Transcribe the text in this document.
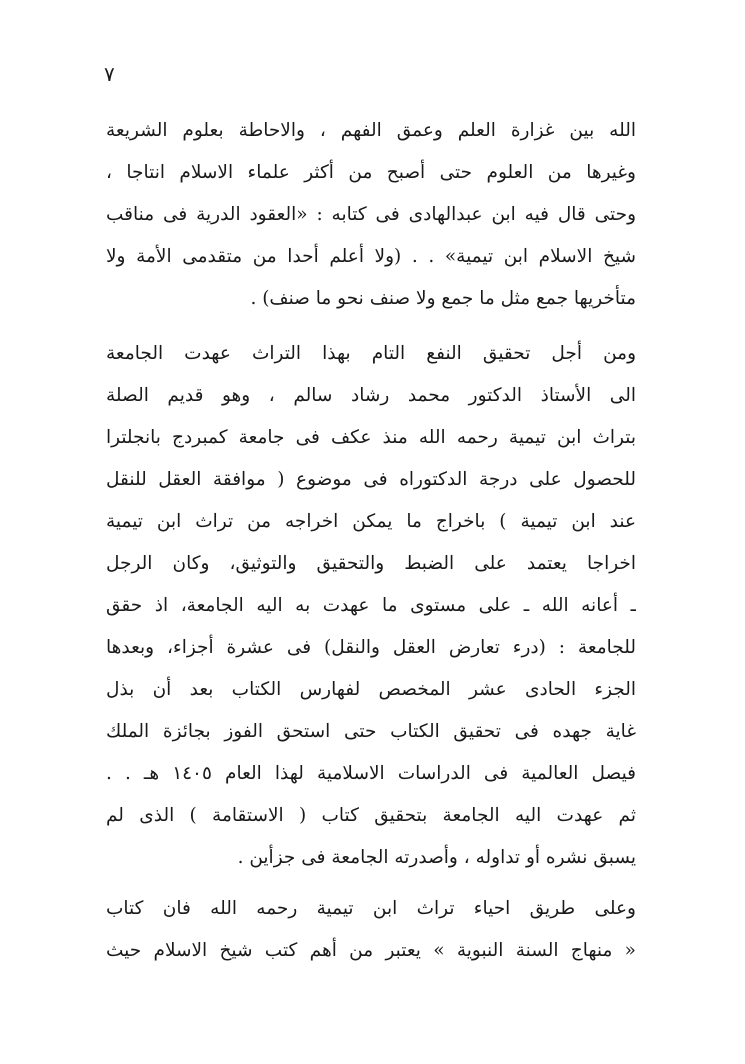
٧
الله بين غزارة العلم وعمق الفهم ، والاحاطة بعلوم الشريعة
وغيرها من العلوم حتى أصبح من أكثر علماء الاسلام انتاجا ،
وحتى قال فيه ابن عبدالهادى فى كتابه : «العقود الدرية فى مناقب
شيخ الاسلام ابن تيمية» . . (ولا أعلم أحدا من متقدمى الأمة ولا
متأخريها جمع مثل ما جمع ولا صنف نحو ما صنف) .
ومن أجل تحقيق النفع التام بهذا التراث عهدت الجامعة
الى الأستاذ الدكتور محمد رشاد سالم ، وهو قديم الصلة
بتراث ابن تيمية رحمه الله منذ عكف فى جامعة كمبردج بانجلترا
للحصول على درجة الدكتوراه فى موضوع ( موافقة العقل للنقل
عند ابن تيمية ) باخراج ما يمكن اخراجه من تراث ابن تيمية
اخراجا يعتمد على الضبط والتحقيق والتوثيق، وكان الرجل
ـ أعانه الله ـ على مستوى ما عهدت به اليه الجامعة، اذ حقق
للجامعة : (درء تعارض العقل والنقل) فى عشرة أجزاء، وبعدها
الجزء الحادى عشر المخصص لفهارس الكتاب بعد أن بذل
غاية جهده فى تحقيق الكتاب حتى استحق الفوز بجائزة الملك
فيصل العالمية فى الدراسات الاسلامية لهذا العام ١٤٠٥ هـ . .
ثم عهدت اليه الجامعة بتحقيق كتاب ( الاستقامة ) الذى لم
يسبق نشره أو تداوله ، وأصدرته الجامعة فى جزأين .
وعلى طريق احياء تراث ابن تيمية رحمه الله فان كتاب
« منهاج السنة النبوية » يعتبر من أهم كتب شيخ الاسلام حيث
